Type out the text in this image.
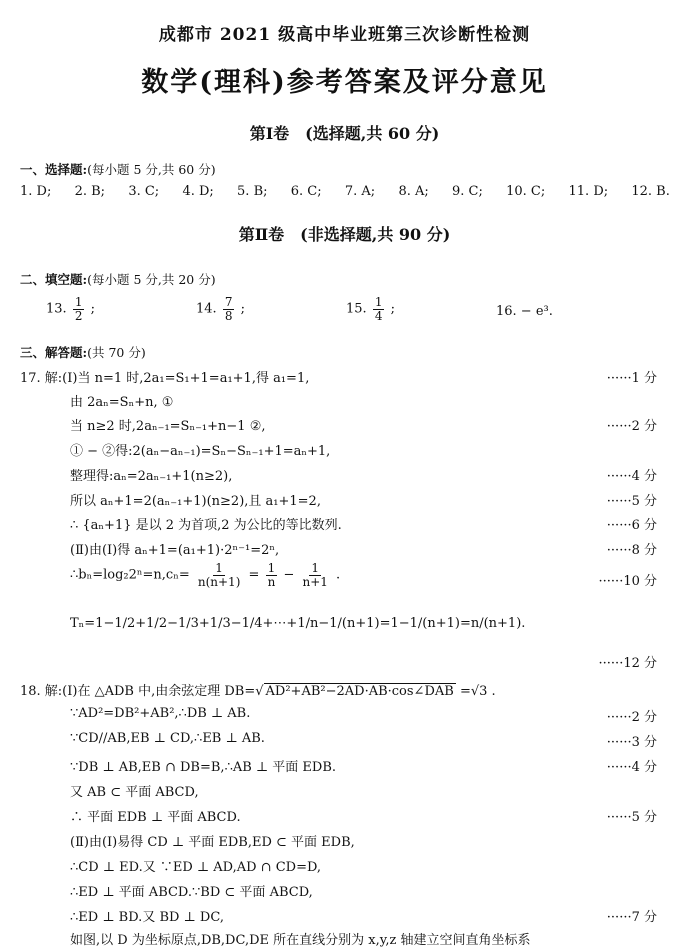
成都市 2021 级高中毕业班第三次诊断性检测
数学(理科)参考答案及评分意见
第Ⅰ卷　(选择题,共 60 分)
一、选择题:(每小题 5 分,共 60 分)
1. D; 2. B; 3. C; 4. D; 5. B; 6. C; 7. A; 8. A; 9. C; 10. C; 11. D; 12. B.
第Ⅱ卷　(非选择题,共 90 分)
二、填空题:(每小题 5 分,共 20 分)
13. $\frac{1}{2}$ ;	14. $\frac{7}{8}$ ;	15. $\frac{1}{4}$ ;	16. − e³.
三、解答题:(共 70 分)
17. 解:(Ⅰ)当 n=1 时,2a₁=S₁+1=a₁+1,得 a₁=1,	······1 分
由 2aₙ=Sₙ+n, ①
当 n≥2 时,2aₙ₋₁=Sₙ₋₁+n−1 ②,	······2 分
① − ②得:2(aₙ−aₙ₋₁)=Sₙ−Sₙ₋₁+1=aₙ+1,
整理得:aₙ=2aₙ₋₁+1(n≥2),	······4 分
所以 aₙ+1=2(aₙ₋₁+1)(n≥2),且 a₁+1=2,	······5 分
∴ {aₙ+1} 是以 2 为首项,2 为公比的等比数列.	······6 分
(Ⅱ)由(Ⅰ)得 aₙ+1=(a₁+1)·2ⁿ⁻¹=2ⁿ,	······8 分
∴bₙ=log₂2ⁿ=n,cₙ= $\frac{1}{n(n+1)} = \frac{1}{n} - \frac{1}{n+1}$ .	······10 分
Tₙ=1−1/2+1/2−1/3+1/3−1/4+⋯+1/n−1/(n+1)=1−1/(n+1)=n/(n+1).
······12 分
18. 解:(Ⅰ)在 △ADB 中,由余弦定理 DB=√ AD²+AB²−2AD·AB·cos∠DAB =√3 .
∵AD²=DB²+AB²,∴DB ⊥ AB.	······2 分
∵CD//AB,EB ⊥ CD,∴EB ⊥ AB.	······3 分
∵DB ⊥ AB,EB ∩ DB=B,∴AB ⊥ 平面 EDB.	······4 分
又 AB ⊂ 平面 ABCD,
∴ 平面 EDB ⊥ 平面 ABCD.	······5 分
(Ⅱ)由(Ⅰ)易得 CD ⊥ 平面 EDB,ED ⊂ 平面 EDB,
∴CD ⊥ ED.又 ∵ED ⊥ AD,AD ∩ CD=D,
∴ED ⊥ 平面 ABCD.∵BD ⊂ 平面 ABCD,
∴ED ⊥ BD.又 BD ⊥ DC,	······7 分
如图,以 D 为坐标原点,DB,DC,DE 所在直线分别为 x,y,z 轴建立空间直角坐标系
